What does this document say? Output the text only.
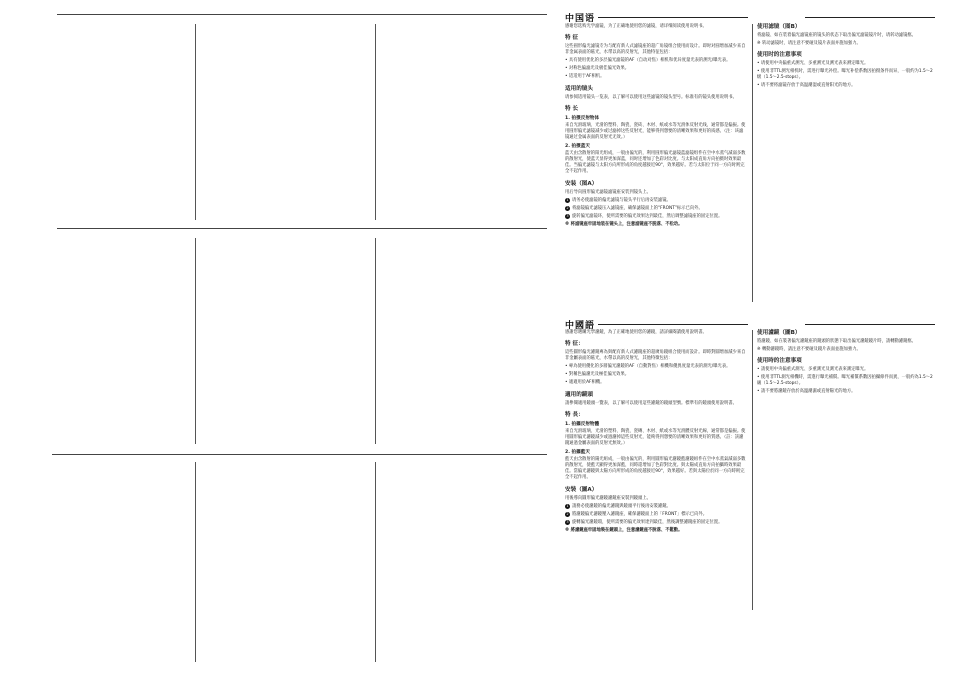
中国语

感谢您选购光学滤镜，为了正确地使用您的滤镜，请详细阅读使用说明书。

特 征

这些圆形偏光滤镜专为与配有新人式滤镜座的超广角镜组合使用而设计。即时对圆增加减少来自非金属表面的眩光，水带以高的反射光，其他特征包括：

• 具有使用优化的多层偏光滤镜的AF（自动对焦）相机和优异度量光表的测光/曝光表。

• 对称色偏滤光及极佳偏光效果。

• 适适用于AF相机。

适用的镜头

请参阅适用镜头一览表，以了解可以使用这些滤镜的镜头型号。标准有的镜头使用说明书。

特 长
1. 拍摄反射物体

来自光滑玻璃、光滑的塑料、陶瓷、瓷砖、木材、纸或水等光滑体反射光线，通常都是偏振。使用圆形偏光滤镜减少或过滤掉这些反射光，能够得到想要的清晰效果和更好的质感。（注：该滤镜通过金属表面的反射光无效。）

2. 拍摄蓝天

蓝天由含散射的阳光组成，一般由偏光的，利用圆形偏光滤镜蓝滤镜组件在空中水蒸气减弱多数的散射光，使蓝天显得更加深蓝，同时还增加了色彩对比度。与太阳成直角方向拍摄时效果最佳。当偏光滤镜与太阳方向所形成的角度越接近90°，效果越好。若与太阳位于同一方向时则完全不起作用。

安装（图A）

用后导向圆形偏光滤镜滤镜座安装到镜头上。

1 请务必使滤镜的偏光滤镜与镜头平行后再安装滤镜。

2 将滤镜偏光滤镜压入滤镜座，确保滤镜面上的“FRONT”标示已向外。

3 旋转偏光滤镜环，使所需要的偏光效果达到最佳，然后调整滤镜座的固定位置。

※ 将滤镜座牢固地装在镜头上，注意滤镜座不脱落、不松动。

使用滤镜（图B）

将滤镜、如在装着偏光滤镜座的镜头的状态下取出偏光滤镜镜片时，请转动滤镜框。

※ 转动滤镜时，请注意不要碰及镜片表面并施加强力。

使用时的注意事项

• 请使用中央偏重式测光、多重测光及测光表来测定曝光。

• 使用非TTL测光相机时，需进行曝光补偿。曝光补偿系数因拍摄条件而异，一般约为1.5～2级（1.5～2.5-stops）。

• 请不要将滤镜存放于高温潮湿或直射阳光的地方。

中國語

感謝您選購光學濾鏡，為了正確地使用您的濾鏡，請詳細閱讀使用說明書。

特 征：

這些圓形偏光濾鏡專為與配有新人式濾鏡座的超廣角鏡組合使用而設計。即時對圓增加減少來自非金屬表面的眩光，水帶以高的反射光，其他特徵包括：

• 專為使用優化的多層偏光濾鏡的AF（自動對焦）相機和優異度量光表的測光/曝光表。

• 對稱色偏濾光及極佳偏光效果。

• 適適用於AF相機。

適用的鏡頭

請參閱適用鏡頭一覽表，以了解可以使用這些濾鏡的鏡頭型號。標準有的鏡頭使用說明書。

特 長：
1. 拍攝反射物體

來自光滑玻璃、光滑的塑料、陶瓷、瓷磚、木材、紙或水等光滑體反射光線，通常都是偏振。使用圓形偏光濾鏡減少或過濾掉這些反射光，能夠得到想要的清晰效果和更好的質感。（註：該濾鏡通過金屬表面的反射光無效。）

2. 拍攝藍天

藍天由含散射的陽光組成，一般由偏光的，利用圓形偏光濾鏡藍濾鏡組件在空中水蒸氣減弱多數的散射光，使藍天顯得更加深藍，同時還增加了色彩對比度。與太陽成直角方向拍攝時效果最佳。當偏光濾鏡與太陽方向所形成的角度越接近90°，效果越好。若與太陽位於同一方向時則完全不起作用。

安裝（圖A）

用後導向圓形偏光濾鏡濾鏡座安裝到鏡頭上。

1 請務必使濾鏡的偏光濾鏡與鏡頭平行後再安裝濾鏡。

2 將濾鏡偏光濾鏡壓入濾鏡座，確保濾鏡面上的「FRONT」標示已向外。

3 旋轉偏光濾鏡環，使所需要的偏光效果達到最佳，然後調整濾鏡座的固定位置。

※ 將濾鏡座牢固地裝在鏡頭上，注意濾鏡座不脫落、不鬆動。

使用濾鏡（圖B）

將濾鏡、如在裝著偏光濾鏡座的鏡頭的狀態下取出偏光濾鏡鏡片時，請轉動濾鏡框。

※ 轉動濾鏡時，請注意不要碰及鏡片表面並施加強力。

使用時的注意事項

• 請使用中央偏重式測光、多重測光及測光表來測定曝光。

• 使用非TTL測光相機時，需進行曝光補償。曝光補償系數因拍攝條件而異，一般約為1.5～2級（1.5～2.5-stops）。

• 請不要將濾鏡存放於高溫潮濕或直射陽光的地方。
